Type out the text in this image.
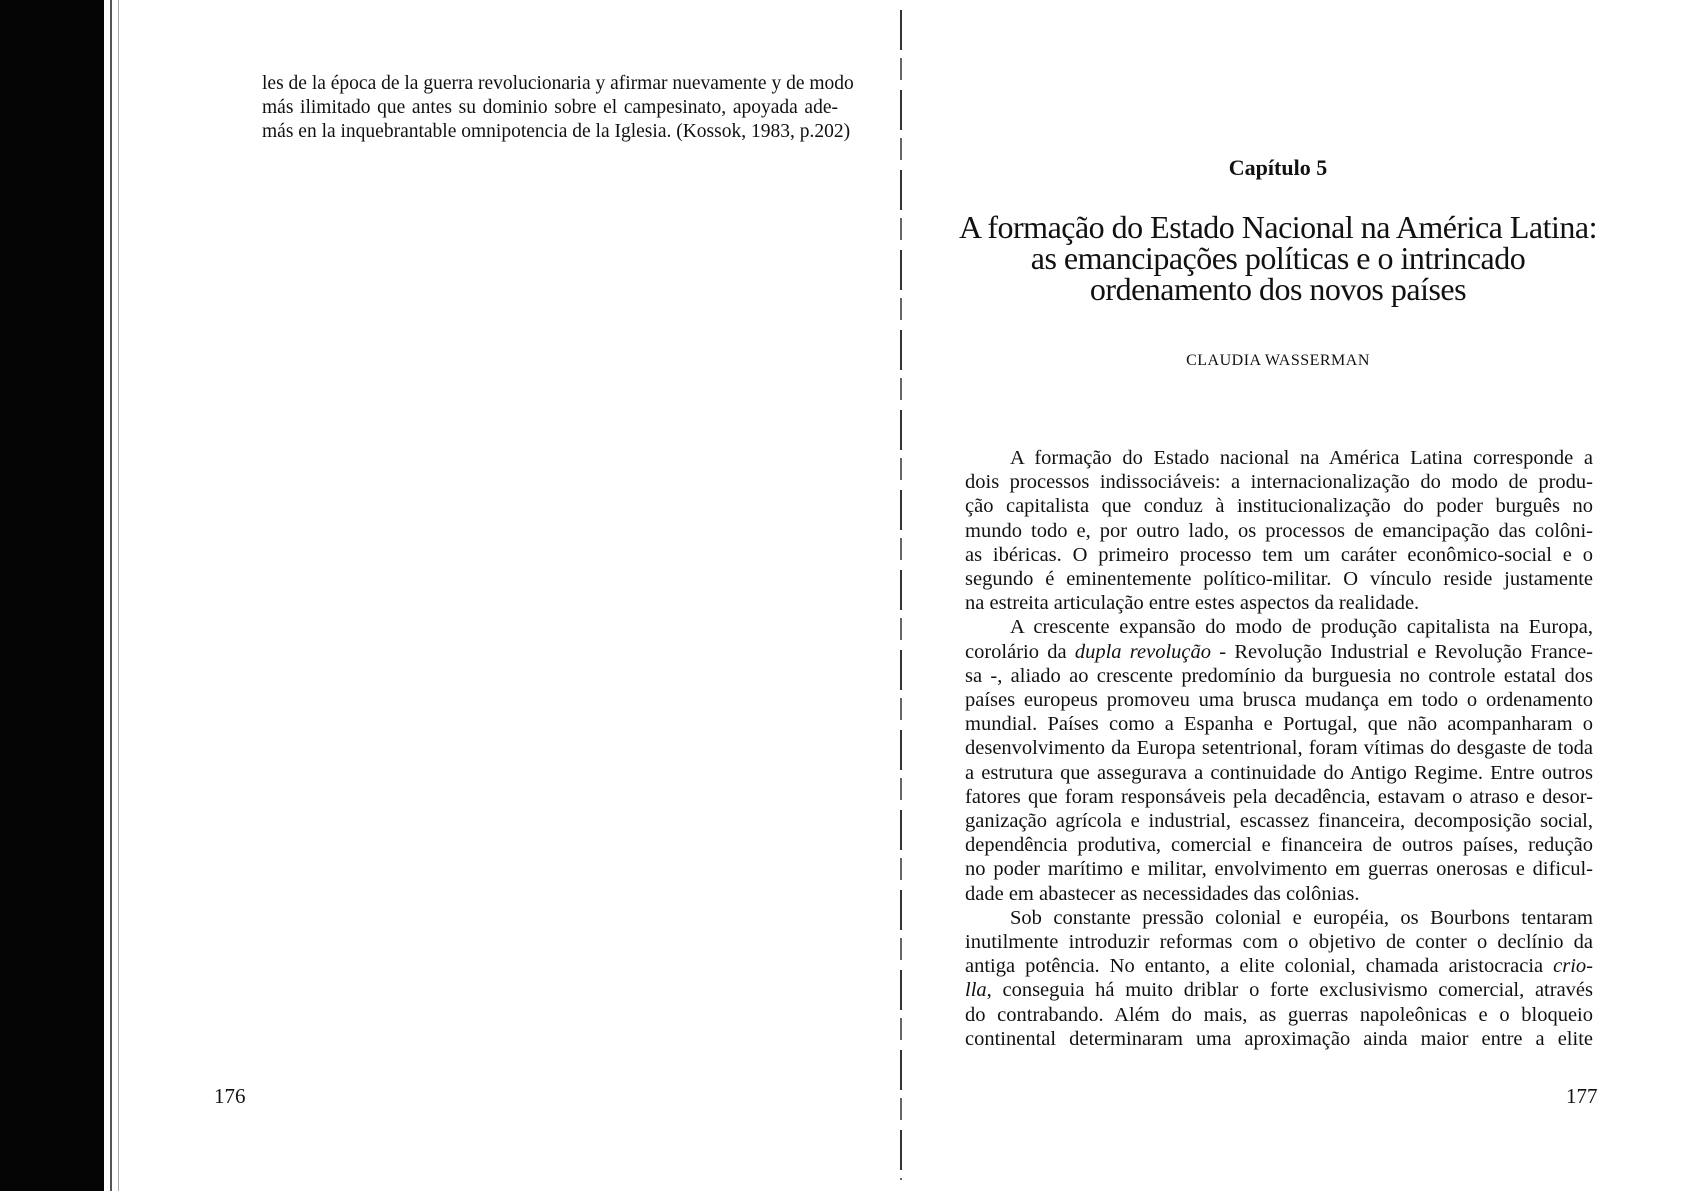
les de la época de la guerra revolucionaria y afirmar nuevamente y de modo
más ilimitado que antes su dominio sobre el campesinato, apoyada ade-
más en la inquebrantable omnipotencia de la Iglesia. (Kossok, 1983, p.202)
176
Capítulo 5
A formação do Estado Nacional na América Latina:
as emancipações políticas e o intrincado
ordenamento dos novos países
CLAUDIA WASSERMAN
A formação do Estado nacional na América Latina corresponde a
dois processos indissociáveis: a internacionalização do modo de produ-
ção capitalista que conduz à institucionalização do poder burguês no
mundo todo e, por outro lado, os processos de emancipação das colôni-
as ibéricas. O primeiro processo tem um caráter econômico-social e o
segundo é eminentemente político-militar. O vínculo reside justamente
na estreita articulação entre estes aspectos da realidade.
A crescente expansão do modo de produção capitalista na Europa,
corolário da dupla revolução - Revolução Industrial e Revolução France-
sa -, aliado ao crescente predomínio da burguesia no controle estatal dos
países europeus promoveu uma brusca mudança em todo o ordenamento
mundial. Países como a Espanha e Portugal, que não acompanharam o
desenvolvimento da Europa setentrional, foram vítimas do desgaste de toda
a estrutura que assegurava a continuidade do Antigo Regime. Entre outros
fatores que foram responsáveis pela decadência, estavam o atraso e desor-
ganização agrícola e industrial, escassez financeira, decomposição social,
dependência produtiva, comercial e financeira de outros países, redução
no poder marítimo e militar, envolvimento em guerras onerosas e dificul-
dade em abastecer as necessidades das colônias.
Sob constante pressão colonial e européia, os Bourbons tentaram
inutilmente introduzir reformas com o objetivo de conter o declínio da
antiga potência. No entanto, a elite colonial, chamada aristocracia crio-
lla, conseguia há muito driblar o forte exclusivismo comercial, através
do contrabando. Além do mais, as guerras napoleônicas e o bloqueio
continental determinaram uma aproximação ainda maior entre a elite
177
